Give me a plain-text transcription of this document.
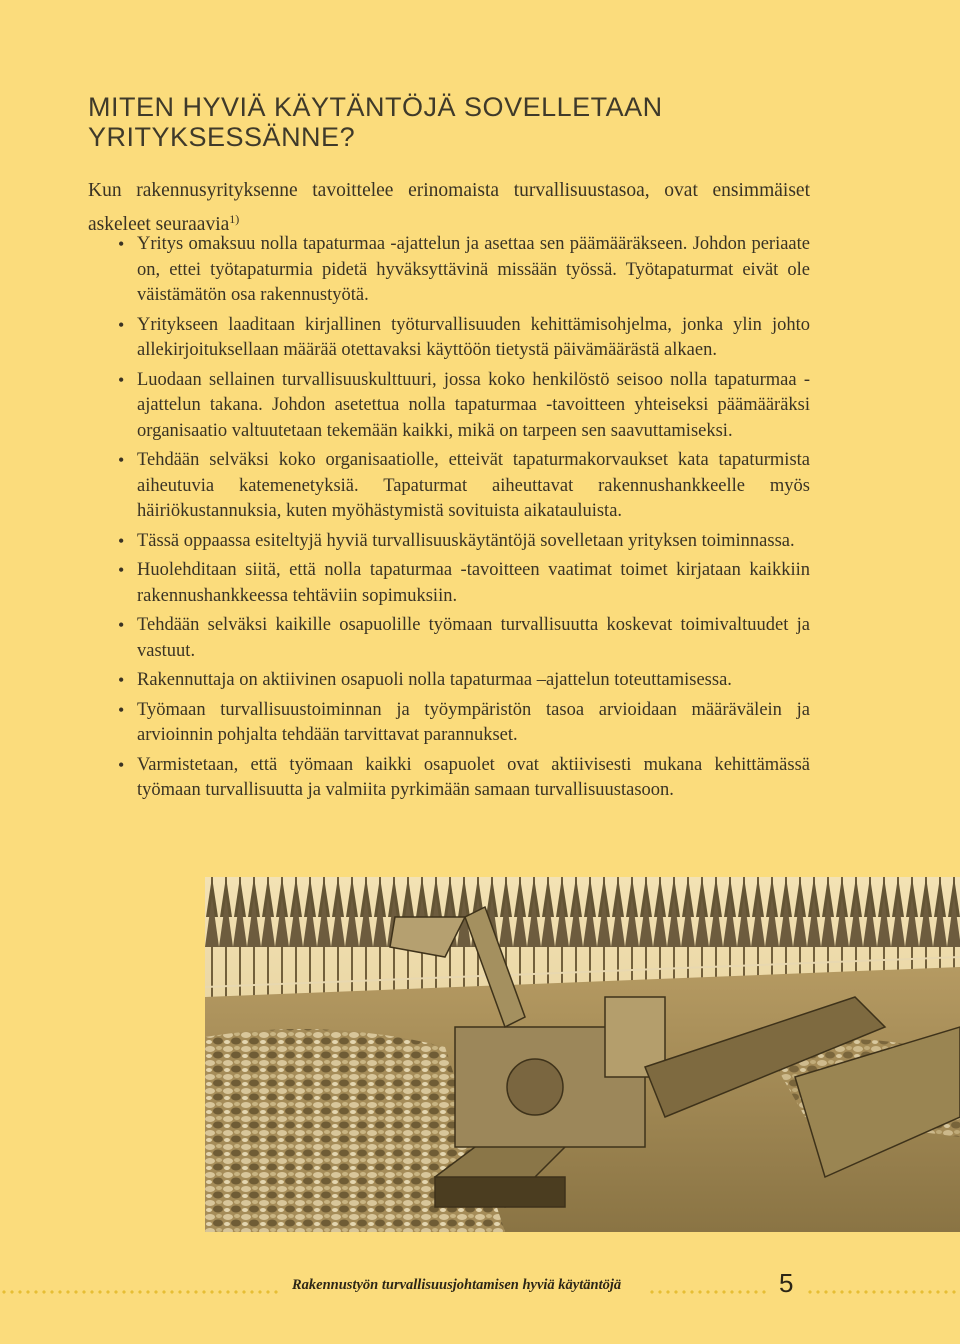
MITEN HYVIÄ KÄYTÄNTÖJÄ SOVELLETAAN
YRITYKSESSÄNNE?

Kun rakennusyrityksenne tavoittelee erinomaista turvallisuustasoa, ovat ensimmäiset askeleet seuraavia$^{1)}$

• Yritys omaksuu nolla tapaturmaa -ajattelun ja asettaa sen päämääräkseen. Johdon periaate on, ettei työtapaturmia pidetä hyväksyttävinä missään työssä. Työtapaturmat eivät ole väistämätön osa rakennustyötä.
• Yritykseen laaditaan kirjallinen työturvallisuuden kehittämisohjelma, jonka ylin johto allekirjoituksellaan määrää otettavaksi käyttöön tietystä päivämäärästä alkaen.
• Luodaan sellainen turvallisuuskulttuuri, jossa koko henkilöstö seisoo nolla tapaturmaa -ajattelun takana. Johdon asetettua nolla tapaturmaa -tavoitteen yhteiseksi päämääräksi organisaatio valtuutetaan tekemään kaikki, mikä on tarpeen sen saavuttamiseksi.
• Tehdään selväksi koko organisaatiolle, etteivät tapaturmakorvaukset kata tapaturmista aiheutuvia katemenetyksiä. Tapaturmat aiheuttavat rakennushankkeelle myös häiriökustannuksia, kuten myöhästymistä sovituista aikatauluista.
• Tässä oppaassa esiteltyjä hyviä turvallisuuskäytäntöjä sovelletaan yrityksen toiminnassa.
• Huolehditaan siitä, että nolla tapaturmaa -tavoitteen vaatimat toimet kirjataan kaikkiin rakennushankkeessa tehtäviin sopimuksiin.
• Tehdään selväksi kaikille osapuolille työmaan turvallisuutta koskevat toimivaltuudet ja vastuut.
• Rakennuttaja on aktiivinen osapuoli nolla tapaturmaa –ajattelun toteuttamisessa.
• Työmaan turvallisuustoiminnan ja työympäristön tasoa arvioidaan määrävälein ja arvioinnin pohjalta tehdään tarvittavat parannukset.
• Varmistetaan, että työmaan kaikki osapuolet ovat aktiivisesti mukana kehittämässä työmaan turvallisuutta ja valmiita pyrkimään samaan turvallisuustasoon.
Rakennustyön turvallisuusjohtamisen hyviä käytäntöjä	5
